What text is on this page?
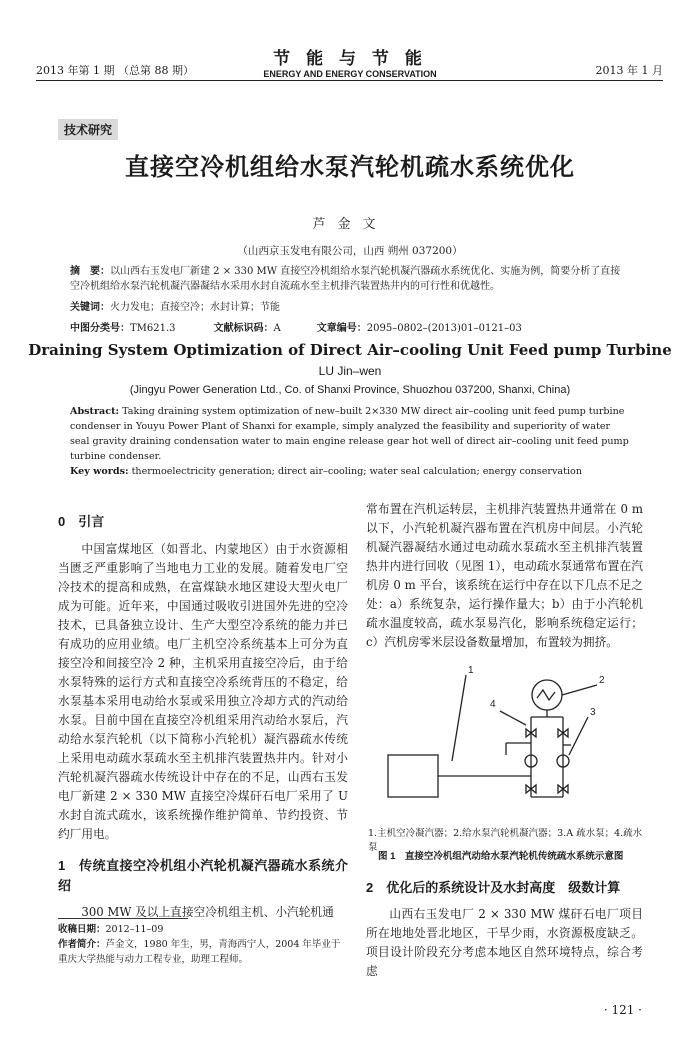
2013 年第 1 期 （总第 88 期）
节 能 与 节 能
ENERGY AND ENERGY CONSERVATION	2013 年 1 月
技术研究
直接空冷机组给水泵汽轮机疏水系统优化
芦金文
（山西京玉发电有限公司，山西 朔州 037200）
摘　要：以山西右玉发电厂新建 2 × 330 MW 直接空冷机组给水泵汽轮机凝汽器疏水系统优化、实施为例，简要分析了直接空冷机组给水泵汽轮机凝汽器凝结水采用水封自流疏水至主机排汽装置热井内的可行性和优越性。
关键词：火力发电；直接空冷；水封计算；节能
中图分类号：TM621.3	文献标识码：A	文章编号：2095–0802–(2013)01–0121–03
Draining System Optimization of Direct Air–cooling Unit Feed pump Turbine
LU Jin–wen
(Jingyu Power Generation Ltd., Co. of Shanxi Province, Shuozhou 037200, Shanxi, China)
Abstract: Taking draining system optimization of new–built 2×330 MW direct air–cooling unit feed pump turbine condenser in Youyu Power Plant of Shanxi for example, simply analyzed the feasibility and superiority of water seal gravity draining condensation water to main engine release gear hot well of direct air–cooling unit feed pump turbine condenser.
Key words: thermoelectricity generation; direct air–cooling; water seal calculation; energy conservation
0　引言

中国富煤地区（如晋北、内蒙地区）由于水资源相当匮乏严重影响了当地电力工业的发展。随着发电厂空冷技术的提高和成熟，在富煤缺水地区建设大型火电厂成为可能。近年来，中国通过吸收引进国外先进的空冷技术，已具备独立设计、生产大型空冷系统的能力并已有成功的应用业绩。电厂主机空冷系统基本上可分为直接空冷和间接空冷 2 种，主机采用直接空冷后，由于给水泵特殊的运行方式和直接空冷系统背压的不稳定，给水泵基本采用电动给水泵或采用独立冷却方式的汽动给水泵。目前中国在直接空冷机组采用汽动给水泵后，汽动给水泵汽轮机（以下简称小汽轮机）凝汽器疏水传统上采用电动疏水泵疏水至主机排汽装置热井内。针对小汽轮机凝汽器疏水传统设计中存在的不足，山西右玉发电厂新建 2 × 330 MW 直接空冷煤矸石电厂采用了 U 水封自流式疏水，该系统操作维护简单、节约投资、节约厂用电。

1　传统直接空冷机组小汽轮机凝汽器疏水系统介绍

300 MW 及以上直接空冷机组主机、小汽轮机通

收稿日期：2012–11–09
作者简介：芦金文，1980 年生，男，青海西宁人，2004 年毕业于重庆大学热能与动力工程专业，助理工程师。

常布置在汽机运转层，主机排汽装置热井通常在 0 m 以下，小汽轮机凝汽器布置在汽机房中间层。小汽轮机凝汽器凝结水通过电动疏水泵疏水至主机排汽装置热井内进行回收（见图 1），电动疏水泵通常布置在汽机房 0 m 平台，该系统在运行中存在以下几点不足之处：a）系统复杂，运行操作量大；b）由于小汽轮机疏水温度较高，疏水泵易汽化，影响系统稳定运行；c）汽机房零米层设备数量增加，布置较为拥挤。

1
2
3
4
1.主机空冷凝汽器；2.给水泵汽轮机凝汽器；3.A 疏水泵；4.疏水泵
图 1　直接空冷机组汽动给水泵汽轮机传统疏水系统示意图
2　优化后的系统设计及水封高度　级数计算

山西右玉发电厂 2 × 330 MW 煤矸石电厂项目所在地地处晋北地区，干旱少雨，水资源极度缺乏。项目设计阶段充分考虑本地区自然环境特点，综合考虑

· 121 ·
